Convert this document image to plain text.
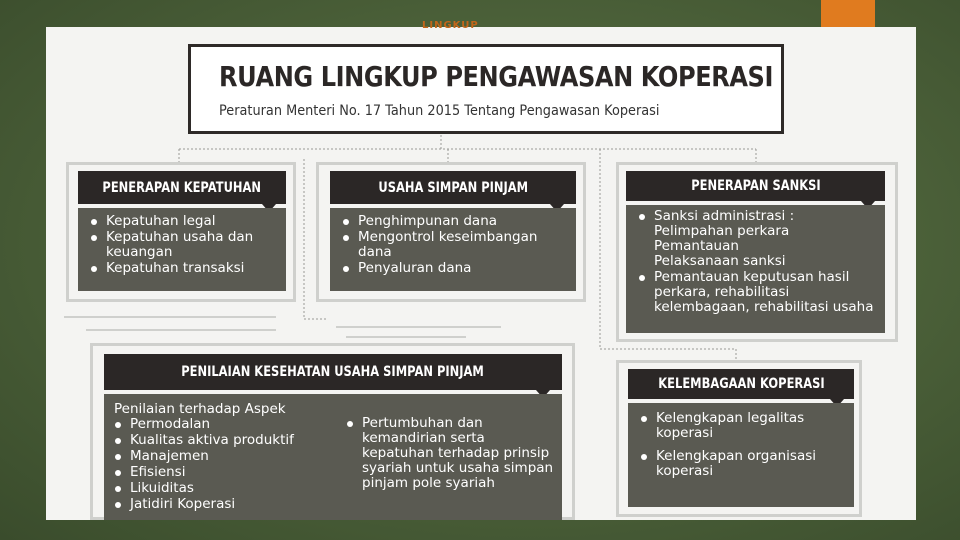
LINGKUP
RUANG LINGKUP PENGAWASAN KOPERASI
Peraturan Menteri No. 17 Tahun 2015 Tentang Pengawasan Koperasi
PENERAPAN KEPATUHAN
Kepatuhan legal
Kepatuhan usaha dan keuangan
Kepatuhan transaksi
USAHA SIMPAN PINJAM
Penghimpunan dana
Mengontrol keseimbangan dana
Penyaluran dana
PENERAPAN SANKSI
Sanksi administrasi :
Pelimpahan perkara
Pemantauan
Pelaksanaan sanksi
Pemantauan keputusan hasil perkara, rehabilitasi kelembagaan, rehabilitasi usaha
PENILAIAN KESEHATAN USAHA SIMPAN PINJAM
Penilaian terhadap Aspek
Permodalan
Kualitas aktiva produktif
Manajemen
Efisiensi
Likuiditas
Jatidiri Koperasi
Pertumbuhan dan kemandirian serta kepatuhan terhadap prinsip syariah untuk usaha simpan pinjam pole syariah
KELEMBAGAAN KOPERASI
Kelengkapan legalitas koperasi
Kelengkapan organisasi koperasi
